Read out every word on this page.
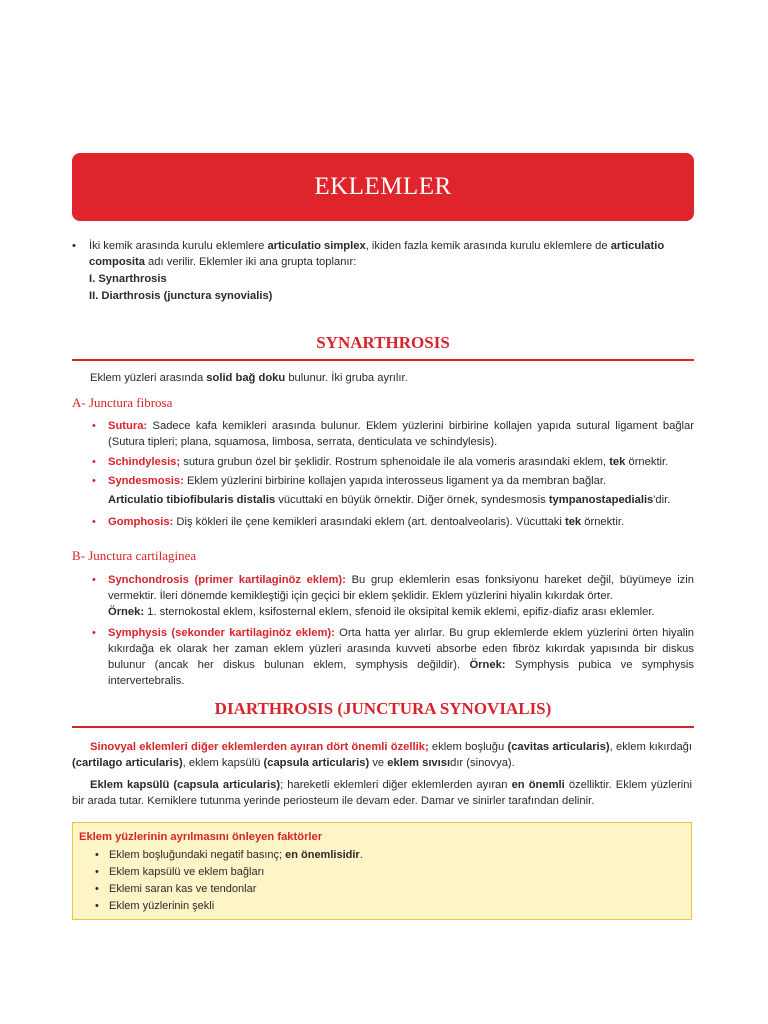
EKLEMLER
•	İki kemik arasında kurulu eklemlere articulatio simplex, ikiden fazla kemik arasında kurulu eklemlere de articulatio
composita adı verilir. Eklemler iki ana grupta toplanır:
I. Synarthrosis
II. Diarthrosis (junctura synovialis)
SYNARTHROSIS
Eklem yüzleri arasında solid bağ doku bulunur. İki gruba ayrılır.
A- Junctura fibrosa
•	Sutura: Sadece kafa kemikleri arasında bulunur. Eklem yüzlerini birbirine kollajen yapıda sutural ligament bağlar (Sutura tipleri; plana, squamosa, limbosa, serrata, denticulata ve schindylesis).
•	Schindylesis; sutura grubun özel bir şeklidir. Rostrum sphenoidale ile ala vomeris arasındaki eklem, tek örnektir.
•	Syndesmosis: Eklem yüzlerini birbirine kollajen yapıda interosseus ligament ya da membran bağlar.
Articulatio tibiofibularis distalis vücuttaki en büyük örnektir. Diğer örnek, syndesmosis tympanostapedialis'dir.
•	Gomphosis: Diş kökleri ile çene kemikleri arasındaki eklem (art. dentoalveolaris). Vücuttaki tek örnektir.
B- Junctura cartilaginea
•	Synchondrosis (primer kartilaginöz eklem): Bu grup eklemlerin esas fonksiyonu hareket değil, büyümeye izin vermektir. İleri dönemde kemikleştiği için geçici bir eklem şeklidir. Eklem yüzlerini hiyalin kıkırdak örter.
Örnek: 1. sternokostal eklem, ksifosternal eklem, sfenoid ile oksipital kemik eklemi, epifiz-diafiz arası eklemler.
•	Symphysis (sekonder kartilaginöz eklem): Orta hatta yer alırlar. Bu grup eklemlerde eklem yüzlerini örten hiyalin kıkırdağa ek olarak her zaman eklem yüzleri arasında kuvveti absorbe eden fibröz kıkırdak yapısında bir diskus bulunur (ancak her diskus bulunan eklem, symphysis değildir). Örnek: Symphysis pubica ve symphysis intervertebralis.
DIARTHROSIS (JUNCTURA SYNOVIALIS)
Sinovyal eklemleri diğer eklemlerden ayıran dört önemli özellik; eklem boşluğu (cavitas articularis), eklem kıkırdağı (cartilago articularis), eklem kapsülü (capsula articularis) ve eklem sıvısıdır (sinovya).
Eklem kapsülü (capsula articularis); hareketli eklemleri diğer eklemlerden ayıran en önemli özelliktir. Eklem yüzlerini bir arada tutar. Kemiklere tutunma yerinde periosteum ile devam eder. Damar ve sinirler tarafından delinir.
Eklem yüzlerinin ayrılmasını önleyen faktörler
• Eklem boşluğundaki negatif basınç; en önemlisidir.
• Eklem kapsülü ve eklem bağları
• Eklemi saran kas ve tendonlar
• Eklem yüzlerinin şekli
